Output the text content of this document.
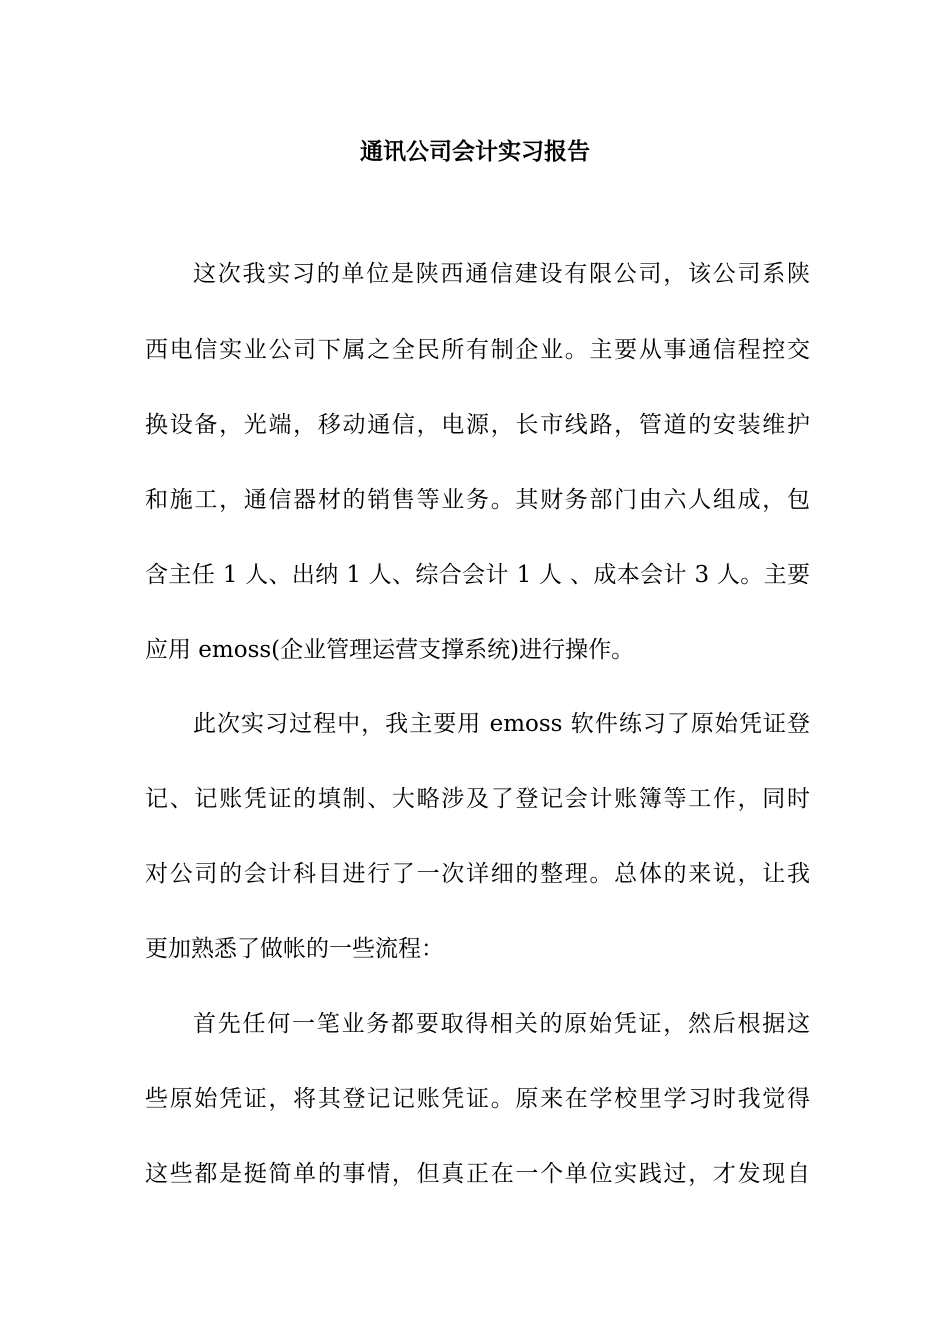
通讯公司会计实习报告

这次我实习的单位是陕西通信建设有限公司，该公司系陕

西电信实业公司下属之全民所有制企业。主要从事通信程控交

换设备，光端，移动通信，电源，长市线路，管道的安装维护

和施工，通信器材的销售等业务。其财务部门由六人组成，包

含主任 1 人、出纳 1 人、综合会计 1 人 、成本会计 3 人。主要

应用 emoss(企业管理运营支撑系统)进行操作。

此次实习过程中，我主要用 emoss 软件练习了原始凭证登

记、记账凭证的填制、大略涉及了登记会计账簿等工作，同时

对公司的会计科目进行了一次详细的整理。总体的来说，让我

更加熟悉了做帐的一些流程：

首先任何一笔业务都要取得相关的原始凭证，然后根据这

些原始凭证，将其登记记账凭证。原来在学校里学习时我觉得

这些都是挺简单的事情，但真正在一个单位实践过，才发现自
